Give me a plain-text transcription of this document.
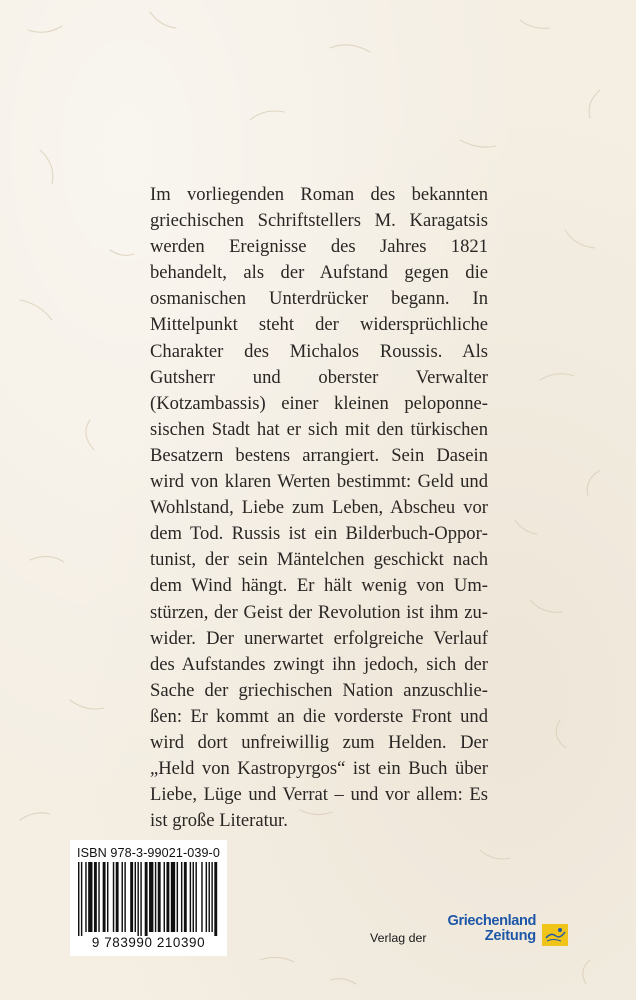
Im vorliegenden Roman des bekannten griechischen Schriftstellers M. Karagatsis werden Ereignisse des Jahres 1821 behandelt, als der Aufstand gegen die osmanischen Unterdrücker begann. In Mittelpunkt steht der widersprüchliche Charakter des Michalos Roussis. Als Gutsherr und oberster Verwalter (Kotzambassis) einer kleinen peloponnesischen Stadt hat er sich mit den türkischen Besatzern bestens arrangiert. Sein Dasein wird von klaren Werten bestimmt: Geld und Wohlstand, Liebe zum Leben, Abscheu vor dem Tod. Russis ist ein Bilderbuch-Opportunist, der sein Mäntelchen geschickt nach dem Wind hängt. Er hält wenig von Umstürzen, der Geist der Revolution ist ihm zuwider. Der unerwartet erfolgreiche Verlauf des Aufstandes zwingt ihn jedoch, sich der Sache der griechischen Nation anzuschließen: Er kommt an die vorderste Front und wird dort unfreiwillig zum Helden. Der „Held von Kastropyrgos“ ist ein Buch über Liebe, Lüge und Verrat – und vor allem: Es ist große Literatur.

ISBN 978-3-99021-039-0
9 783990 210390	Verlag der
Griechenland
Zeitung
